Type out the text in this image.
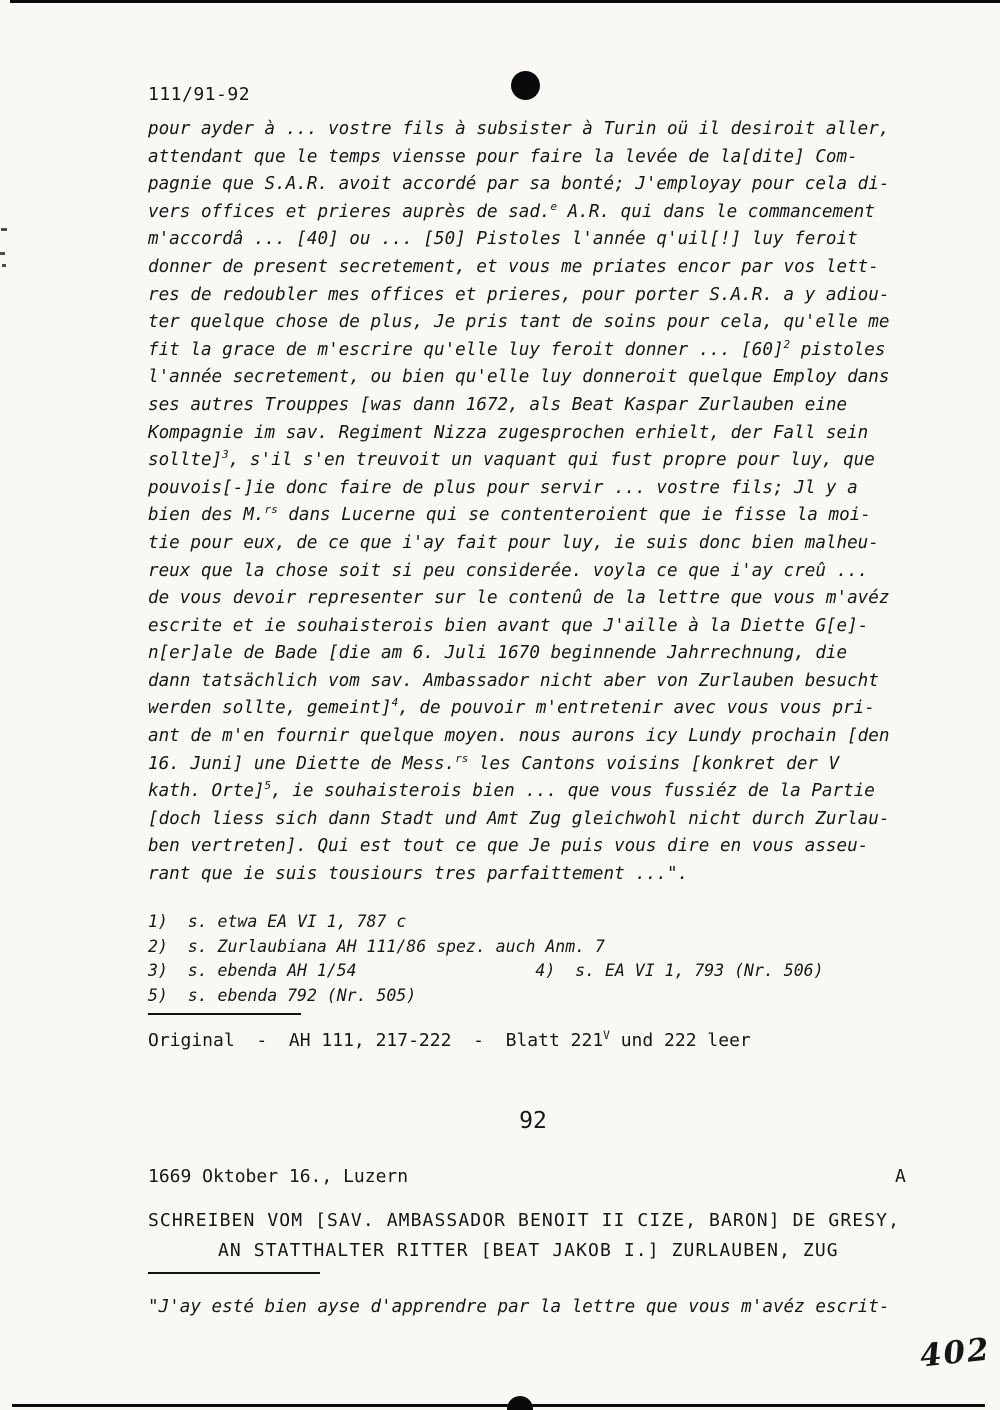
111/91-92
pour ayder à ... vostre fils à subsister à Turin oü il desiroit aller,
attendant que le temps viensse pour faire la levée de la[dite] Com-
pagnie que S.A.R. avoit accordé par sa bonté; J'employay pour cela di-
vers offices et prieres auprès de sad.$^e$ A.R. qui dans le commancement
m'accordâ ... [40] ou ... [50] Pistoles l'année q'uil[!] luy feroit
donner de present secretement, et vous me priates encor par vos lett-
res de redoubler mes offices et prieres, pour porter S.A.R. a y adiou-
ter quelque chose de plus, Je pris tant de soins pour cela, qu'elle me
fit la grace de m'escrire qu'elle luy feroit donner ... $[60]^2$ pistoles
l'année secretement, ou bien qu'elle luy donneroit quelque Employ dans
ses autres Trouppes [was dann 1672, als Beat Kaspar Zurlauben eine
Kompagnie im sav. Regiment Nizza zugesprochen erhielt, der Fall sein
sollte]$^3$, s'il s'en treuvoit un vaquant qui fust propre pour luy, que
pouvois[-]ie donc faire de plus pour servir ... vostre fils; Jl y a
bien des M.$^{rs}$ dans Lucerne qui se contenteroient que ie fisse la moi-
tie pour eux, de ce que i'ay fait pour luy, ie suis donc bien malheu-
reux que la chose soit si peu considerée. voyla ce que i'ay creû ...
de vous devoir representer sur le contenû de la lettre que vous m'avéz
escrite et ie souhaisterois bien avant que J'aille à la Diette G[e]-
n[er]ale de Bade [die am 6. Juli 1670 beginnende Jahrrechnung, die
dann tatsächlich vom sav. Ambassador nicht aber von Zurlauben besucht
werden sollte, gemeint]$^4$, de pouvoir m'entretenir avec vous vous pri-
ant de m'en fournir quelque moyen. nous aurons icy Lundy prochain [den
16. Juni] une Diette de Mess.$^{rs}$ les Cantons voisins [konkret der V
kath. Orte]$^5$, ie souhaisterois bien ... que vous fussiéz de la Partie
[doch liess sich dann Stadt und Amt Zug gleichwohl nicht durch Zurlau-
ben vertreten]. Qui est tout ce que Je puis vous dire en vous asseu-
rant que ie suis tousiours tres parfaittement ...".
1)  s. etwa EA VI 1, 787 c
2)  s. Zurlaubiana AH 111/86 spez. auch Anm. 7
3)  s. ebenda AH 1/54                  4)  s. EA VI 1, 793 (Nr. 506)
5)  s. ebenda 792 (Nr. 505)
Original  -  AH 111, 217-222  -  Blatt $221^V$ und 222 leer
92
1669 Oktober 16., Luzern	A
SCHREIBEN VOM [SAV. AMBASSADOR BENOIT II CIZE, BARON] DE GRESY,
AN STATTHALTER RITTER [BEAT JAKOB I.] ZURLAUBEN, ZUG
"J'ay esté bien ayse d'apprendre par la lettre que vous m'avéz escrit-
402
